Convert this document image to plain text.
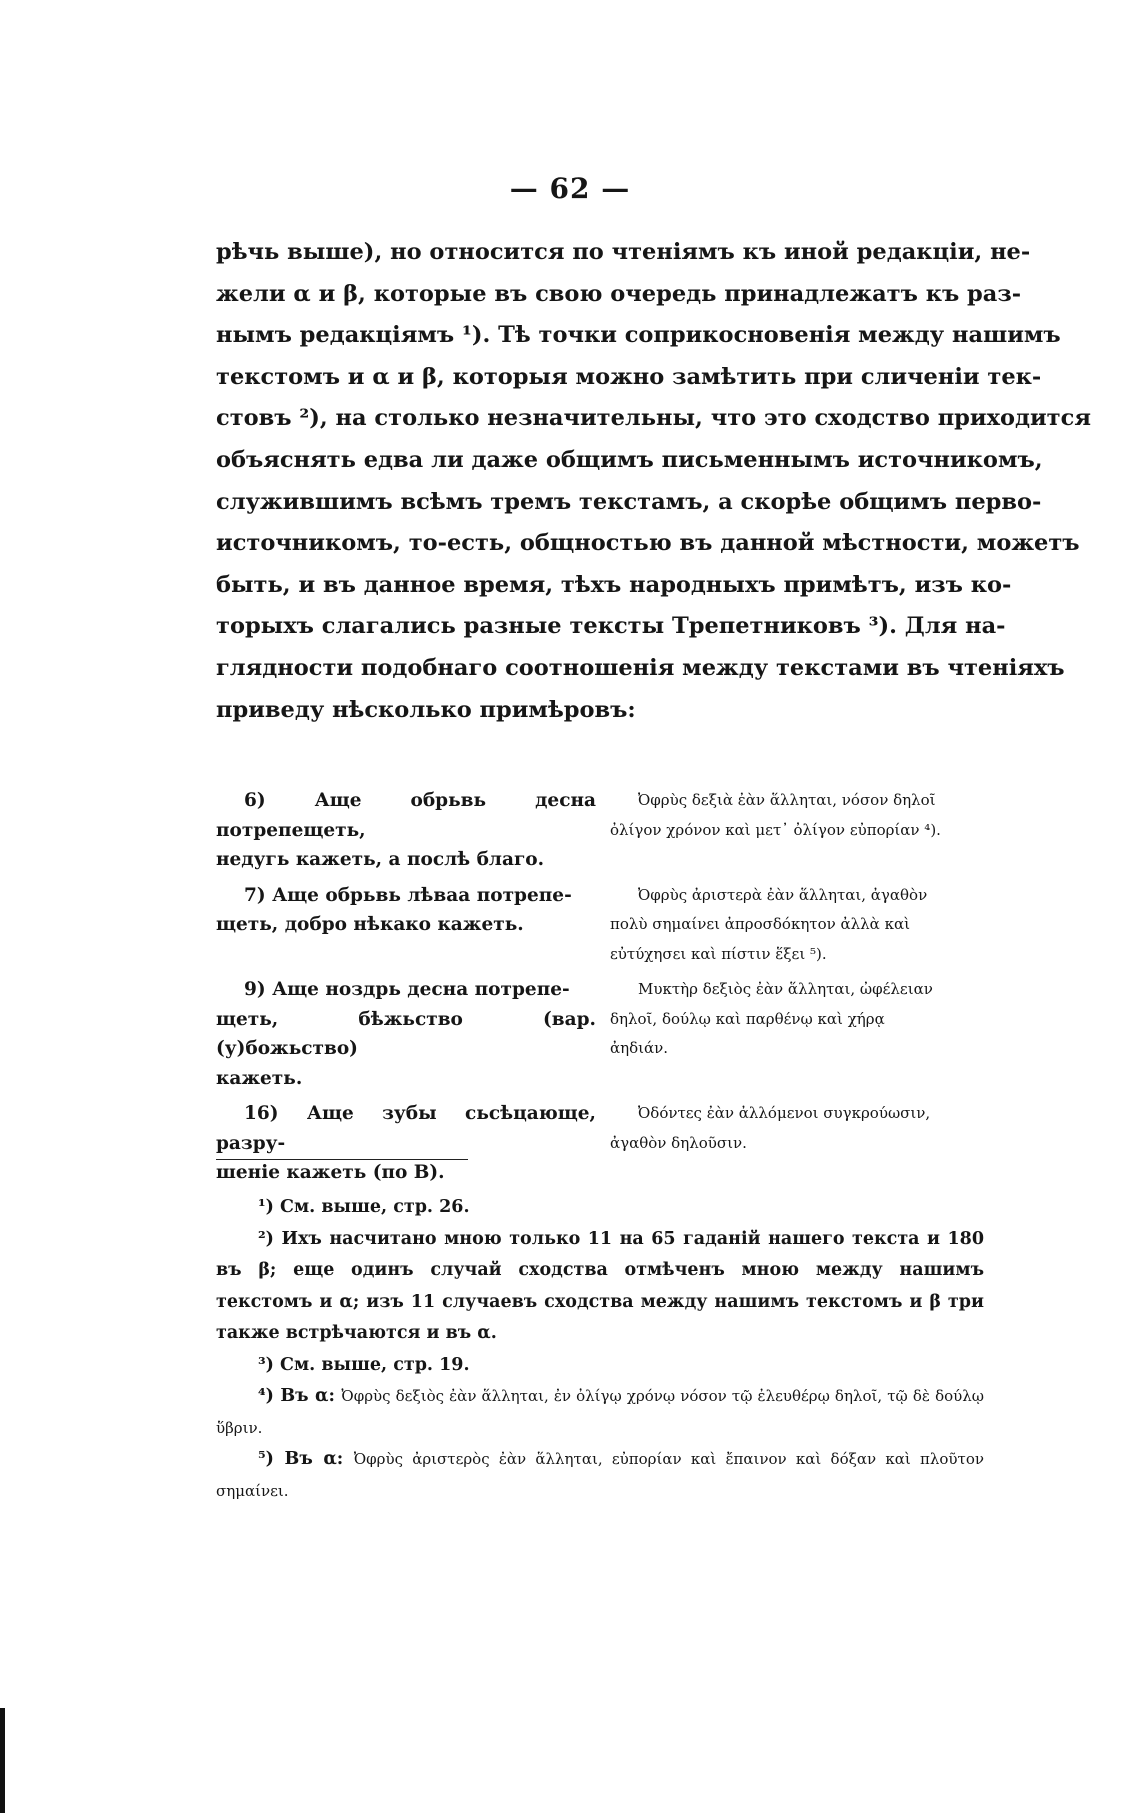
— 62 —
рѣчь выше), но относится по чтеніямъ къ иной редакціи, не-
жели α и β, которые въ свою очередь принадлежатъ къ раз-
нымъ редакціямъ ¹). Тѣ точки соприкосновенія между нашимъ
текстомъ и α и β, которыя можно замѣтить при сличеніи тек-
стовъ ²), на столько незначительны, что это сходство приходится
объяснять едва ли даже общимъ письменнымъ источникомъ,
служившимъ всѣмъ тремъ текстамъ, а скорѣе общимъ перво-
источникомъ, то-есть, общностью въ данной мѣстности, можетъ
быть, и въ данное время, тѣхъ народныхъ примѣтъ, изъ ко-
торыхъ слагались разные тексты Трепетниковъ ³). Для на-
глядности подобнаго соотношенія между текстами въ чтеніяхъ
приведу нѣсколько примѣровъ:
6) Аще обрьвь десна потрепещеть,
недугь кажеть, а послѣ благо.
Ὀφρὺς δεξιὰ ἐὰν ἅλληται, νόσον δηλοῖ
ὀλίγον χρόνον καὶ μετ᾽ ὀλίγον εὐπορίαν ⁴).
7) Аще обрьвь лѣваа потрепе-
щеть, добро нѣкако кажеть.
Ὀφρὺς ἀριστερὰ ἐὰν ἅλληται, ἀγαθὸν
πολὺ σημαίνει ἀπροσδόκητον ἀλλὰ καὶ
εὐτύχησει καὶ πίστιν ἕξει ⁵).
9) Аще ноздрь десна потрепе-
щеть, бѣжьство (вар. (у)божьство)
кажеть.
Μυκτὴρ δεξιὸς ἐὰν ἅλληται, ὠφέλειαν
δηλοῖ, δούλῳ καὶ παρθένῳ καὶ χήρᾳ
ἀηδιάν.
16) Аще зубы сьсѣцающе, разру-
шеніе кажеть (по В).
Ὀδόντες ἐὰν ἀλλόμενοι συγκρούωσιν,
ἀγαθὸν δηλοῦσιν.

¹) См. выше, стр. 26.

²) Ихъ насчитано мною только 11 на 65 гаданій нашего текста и 180 въ β; еще одинъ случай сходства отмѣченъ мною между нашимъ текстомъ и α; изъ 11 случаевъ сходства между нашимъ текстомъ и β три также встрѣчаются и въ α.

³) См. выше, стр. 19.

⁴) Въ α: Ὀφρὺς δεξιὸς ἐὰν ἅλληται, ἐν ὀλίγῳ χρόνῳ νόσον τῷ ἐλευθέρῳ δηλοῖ, τῷ δὲ δούλῳ ὕβριν.

⁵) Въ α: Ὀφρὺς ἀριστερὸς ἐὰν ἅλληται, εὐπορίαν καὶ ἔπαινον καὶ δόξαν καὶ πλοῦτον σημαίνει.
